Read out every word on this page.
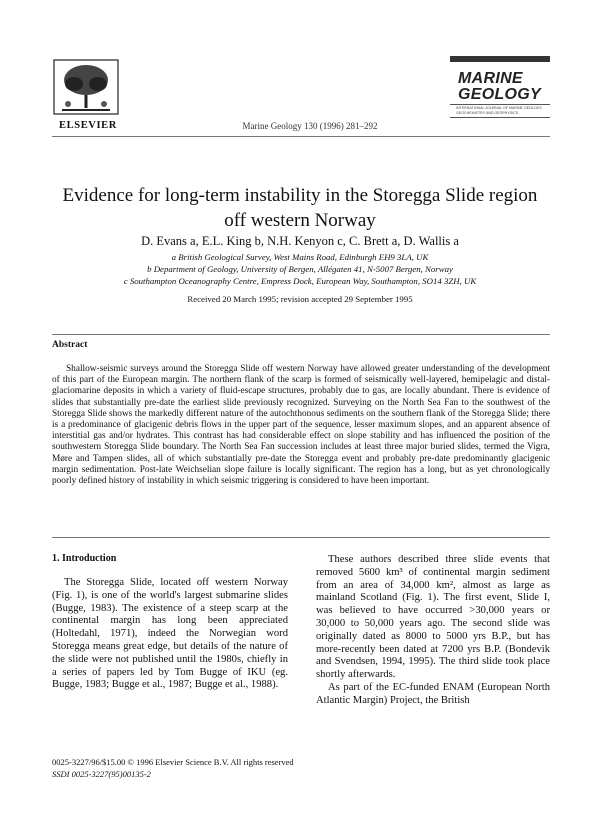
ELSEVIER	Marine Geology 130 (1996) 281–292
MARINE
GEOLOGY
INTERNATIONAL JOURNAL OF MARINE GEOLOGY, GEOCHEMISTRY AND GEOPHYSICS
Evidence for long-term instability in the Storegga Slide region off western Norway
D. Evans a, E.L. King b, N.H. Kenyon c, C. Brett a, D. Wallis a
a British Geological Survey, West Mains Road, Edinburgh EH9 3LA, UK
b Department of Geology, University of Bergen, Allégaten 41, N-5007 Bergen, Norway
c Southampton Oceanography Centre, Empress Dock, European Way, Southampton, SO14 3ZH, UK
Received 20 March 1995; revision accepted 29 September 1995
Abstract
Shallow-seismic surveys around the Storegga Slide off western Norway have allowed greater understanding of the development of this part of the European margin. The northern flank of the scarp is formed of seismically well-layered, hemipelagic and distal-glaciomarine deposits in which a variety of fluid-escape structures, probably due to gas, are locally abundant. There is evidence of slides that substantially pre-date the earliest slide previously recognized. Surveying on the North Sea Fan to the southwest of the Storegga Slide shows the markedly different nature of the autochthonous sediments on the southern flank of the Storegga Slide; there is a predominance of glacigenic debris flows in the upper part of the sequence, lesser maximum slopes, and an apparent absence of interstitial gas and/or hydrates. This contrast has had considerable effect on slope stability and has influenced the position of the southwestern Storegga Slide boundary. The North Sea Fan succession includes at least three major buried slides, termed the Vigra, Møre and Tampen slides, all of which substantially pre-date the Storegga event and probably pre-date predominantly glacigenic margin sedimentation. Post-late Weichselian slope failure is locally significant. The region has a long, but as yet chronologically poorly defined history of instability in which seismic triggering is considered to have been important.
1. Introduction
The Storegga Slide, located off western Norway (Fig. 1), is one of the world's largest submarine slides (Bugge, 1983). The existence of a steep scarp at the continental margin has long been appreciated (Holtedahl, 1971), indeed the Norwegian word Storegga means great edge, but details of the nature of the slide were not published until the 1980s, chiefly in a series of papers led by Tom Bugge of IKU (eg. Bugge, 1983; Bugge et al., 1987; Bugge et al., 1988).

These authors described three slide events that removed 5600 km³ of continental margin sediment from an area of 34,000 km², almost as large as mainland Scotland (Fig. 1). The first event, Slide I, was believed to have occurred >30,000 years or 30,000 to 50,000 years ago. The second slide was originally dated as 8000 to 5000 yrs B.P., but has more-recently been dated at 7200 yrs B.P. (Bondevik and Svendsen, 1994, 1995). The third slide took place shortly afterwards.

As part of the EC-funded ENAM (European North Atlantic Margin) Project, the British

0025-3227/96/$15.00 © 1996 Elsevier Science B.V. All rights reserved
SSDI 0025-3227(95)00135-2
